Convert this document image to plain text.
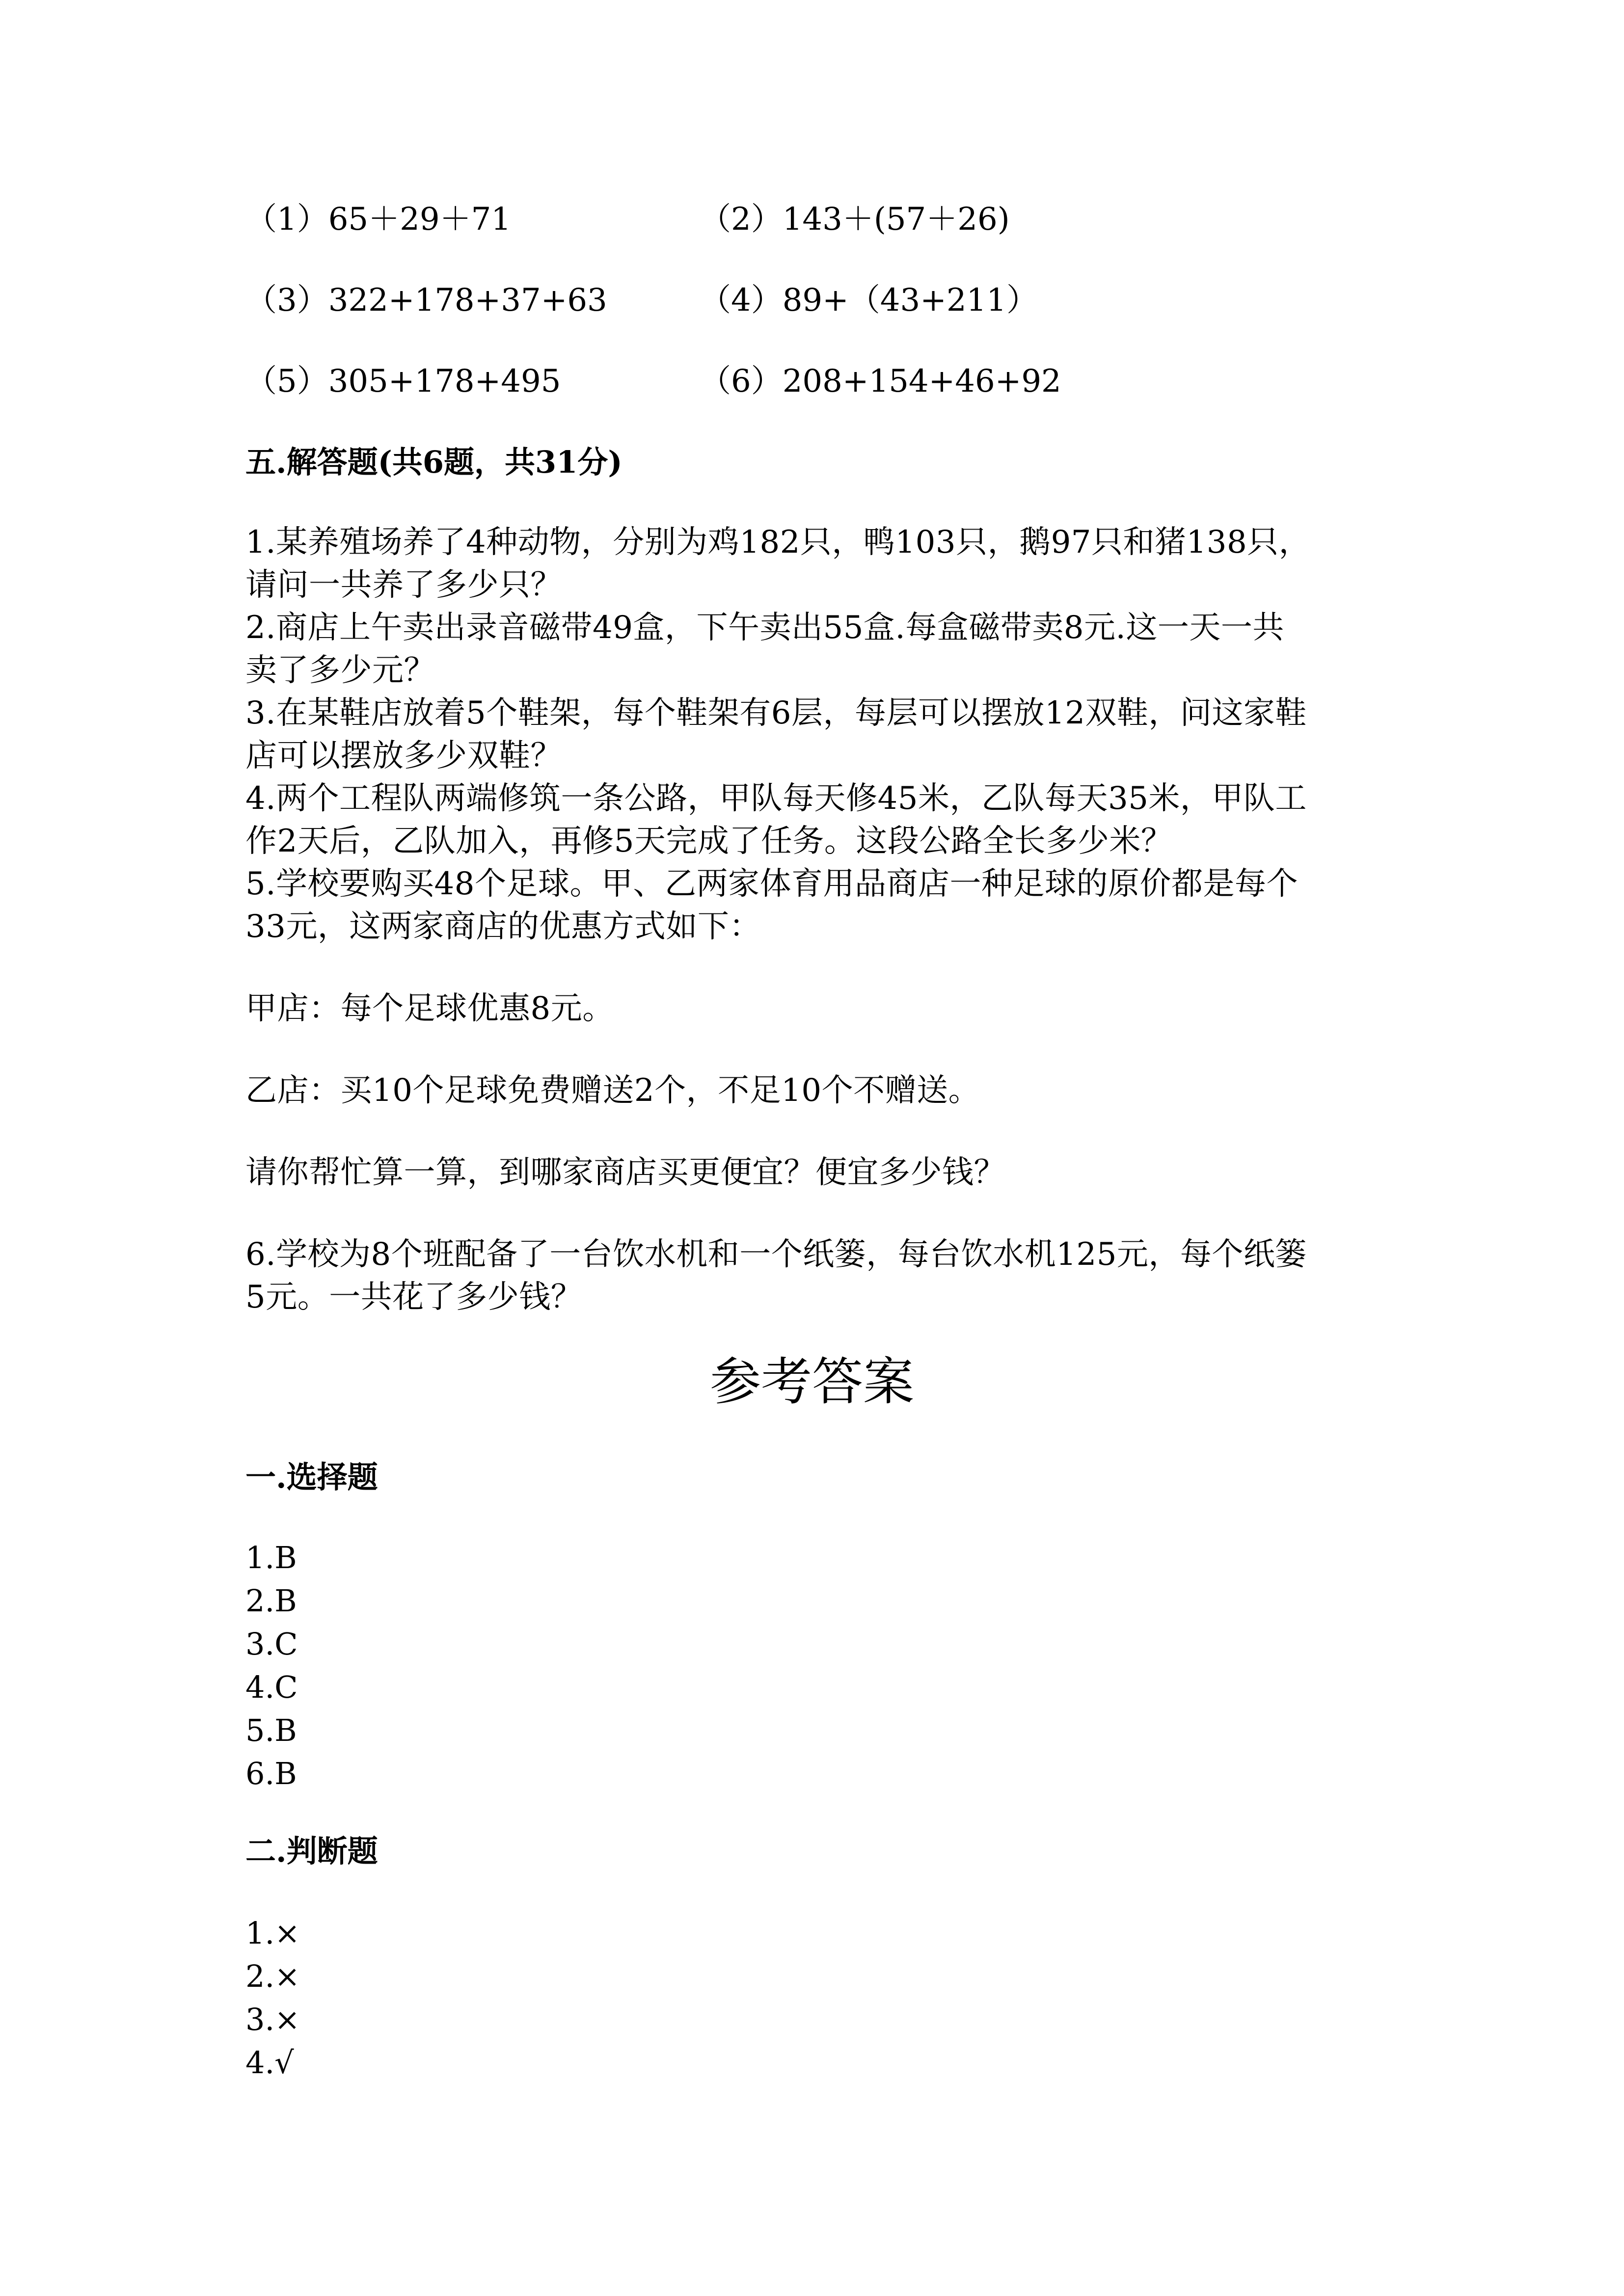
（1）65＋29＋71	（2）143＋(57＋26)
（3）322+178+37+63	（4）89+（43+211）
（5）305+178+495	（6）208+154+46+92
五.解答题(共6题，共31分)

1.某养殖场养了4种动物，分别为鸡182只，鸭103只，鹅97只和猪138只，

请问一共养了多少只？

2.商店上午卖出录音磁带49盒，下午卖出55盒.每盒磁带卖8元.这一天一共

卖了多少元？

3.在某鞋店放着5个鞋架，每个鞋架有6层，每层可以摆放12双鞋，问这家鞋

店可以摆放多少双鞋？

4.两个工程队两端修筑一条公路，甲队每天修45米，乙队每天35米，甲队工

作2天后，乙队加入，再修5天完成了任务。这段公路全长多少米？

5.学校要购买48个足球。甲、乙两家体育用品商店一种足球的原价都是每个

33元，这两家商店的优惠方式如下：

甲店：每个足球优惠8元。

乙店：买10个足球免费赠送2个，不足10个不赠送。

请你帮忙算一算，到哪家商店买更便宜？便宜多少钱？

6.学校为8个班配备了一台饮水机和一个纸篓，每台饮水机125元，每个纸篓

5元。一共花了多少钱？

参考答案
一.选择题
1.B
2.B
3.C
4.C
5.B
6.B
二.判断题
1.×
2.×
3.×
4.√
